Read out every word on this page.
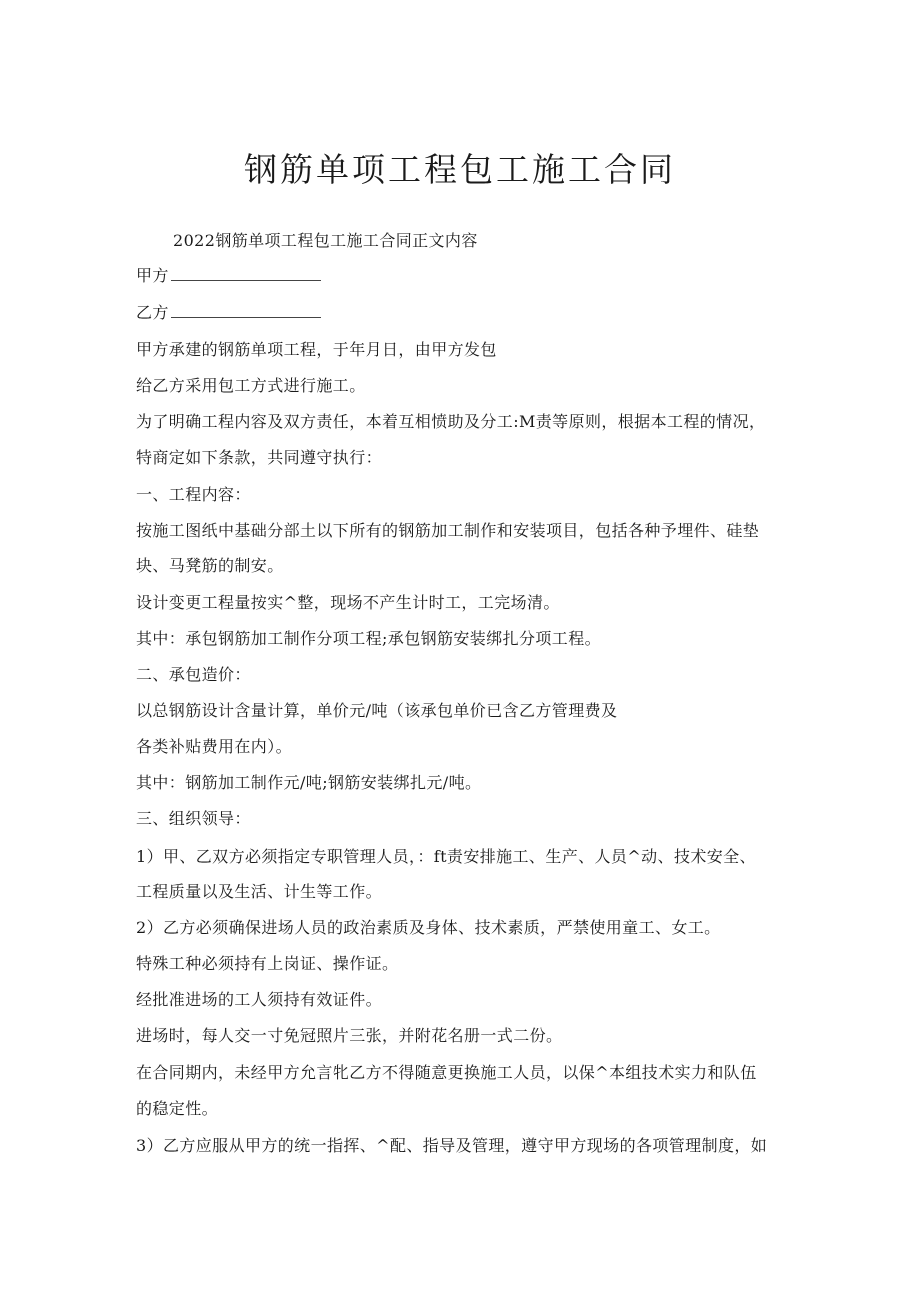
钢筋单项工程包工施工合同
2022钢筋单项工程包工施工合同正文内容
甲方
乙方
甲方承建的钢筋单项工程，于年月日，由甲方发包
给乙方采用包工方式进行施工。
为了明确工程内容及双方责任，本着互相愤助及分工:M责等原则，根据本工程的情况，
特商定如下条款，共同遵守执行：
一、工程内容：
按施工图纸中基础分部土以下所有的钢筋加工制作和安装项目，包括各种予埋件、硅垫
块、马凳筋的制安。
设计变更工程量按实^整，现场不产生计时工，工完场清。
其中：承包钢筋加工制作分项工程;承包钢筋安装绑扎分项工程。
二、承包造价：
以总钢筋设计含量计算，单价元/吨（该承包单价已含乙方管理费及
各类补贴费用在内）。
其中：钢筋加工制作元/吨;钢筋安装绑扎元/吨。
三、组织领导：
1）甲、乙双方必须指定专职管理人员，：ft责安排施工、生产、人员^动、技术安全、
工程质量以及生活、计生等工作。
2）乙方必须确保进场人员的政治素质及身体、技术素质，严禁使用童工、女工。
特殊工种必须持有上岗证、操作证。
经批准进场的工人须持有效证件。
进场时，每人交一寸免冠照片三张，并附花名册一式二份。
在合同期内，未经甲方允言牝乙方不得随意更换施工人员，以保^本组技术实力和队伍
的稳定性。
3）乙方应服从甲方的统一指挥、^配、指导及管理，遵守甲方现场的各项管理制度，如
